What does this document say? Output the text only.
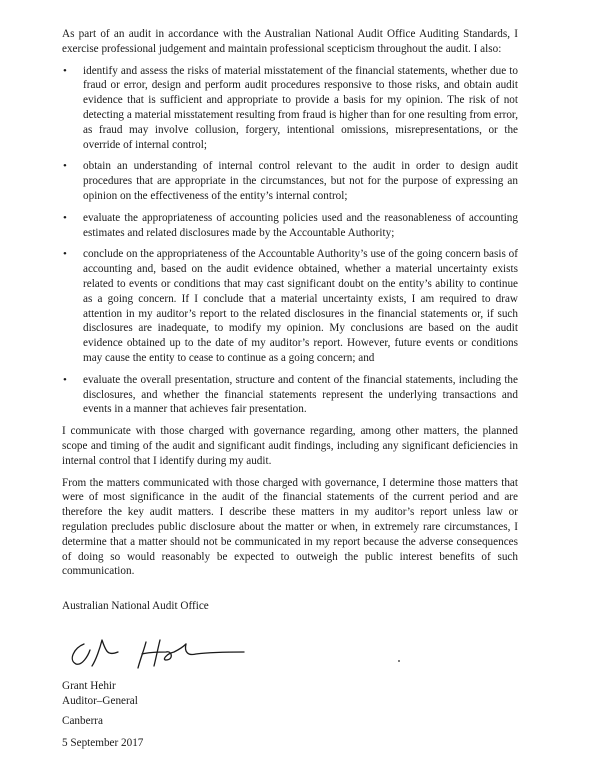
As part of an audit in accordance with the Australian National Audit Office Auditing Standards, I exercise professional judgement and maintain professional scepticism throughout the audit. I also:

• identify and assess the risks of material misstatement of the financial statements, whether due to fraud or error, design and perform audit procedures responsive to those risks, and obtain audit evidence that is sufficient and appropriate to provide a basis for my opinion. The risk of not detecting a material misstatement resulting from fraud is higher than for one resulting from error, as fraud may involve collusion, forgery, intentional omissions, misrepresentations, or the override of internal control;
• obtain an understanding of internal control relevant to the audit in order to design audit procedures that are appropriate in the circumstances, but not for the purpose of expressing an opinion on the effectiveness of the entity’s internal control;
• evaluate the appropriateness of accounting policies used and the reasonableness of accounting estimates and related disclosures made by the Accountable Authority;
• conclude on the appropriateness of the Accountable Authority’s use of the going concern basis of accounting and, based on the audit evidence obtained, whether a material uncertainty exists related to events or conditions that may cast significant doubt on the entity’s ability to continue as a going concern. If I conclude that a material uncertainty exists, I am required to draw attention in my auditor’s report to the related disclosures in the financial statements or, if such disclosures are inadequate, to modify my opinion. My conclusions are based on the audit evidence obtained up to the date of my auditor’s report. However, future events or conditions may cause the entity to cease to continue as a going concern; and
• evaluate the overall presentation, structure and content of the financial statements, including the disclosures, and whether the financial statements represent the underlying transactions and events in a manner that achieves fair presentation.

I communicate with those charged with governance regarding, among other matters, the planned scope and timing of the audit and significant audit findings, including any significant deficiencies in internal control that I identify during my audit.

From the matters communicated with those charged with governance, I determine those matters that were of most significance in the audit of the financial statements of the current period and are therefore the key audit matters. I describe these matters in my auditor’s report unless law or regulation precludes public disclosure about the matter or when, in extremely rare circumstances, I determine that a matter should not be communicated in my report because the adverse consequences of doing so would reasonably be expected to outweigh the public interest benefits of such communication.

Australian National Audit Office
Grant Hehir
Auditor–General
Canberra
5 September 2017
